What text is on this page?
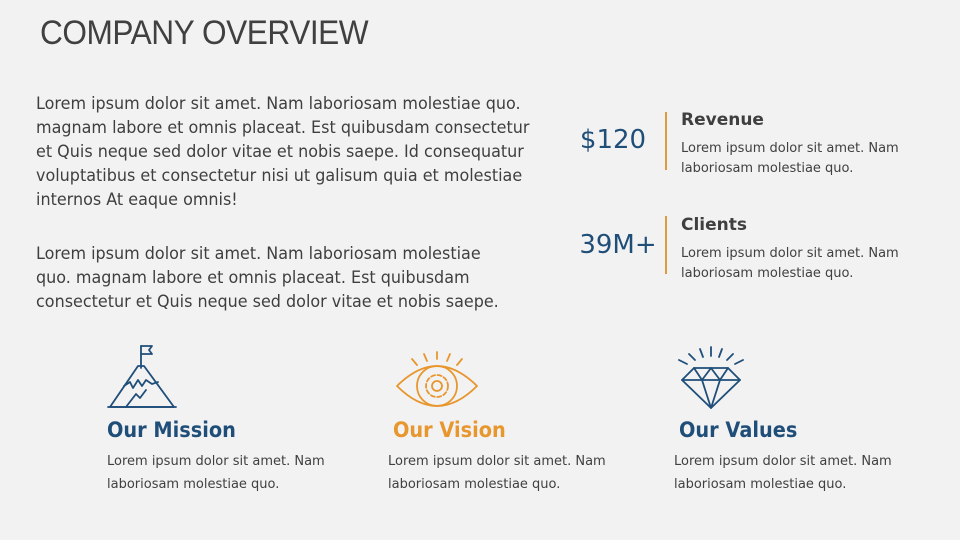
COMPANY OVERVIEW

Lorem ipsum dolor sit amet. Nam laboriosam molestiae quo. magnam labore et omnis placeat. Est quibusdam consectetur et Quis neque sed dolor vitae et nobis saepe. Id consequatur voluptatibus et consectetur nisi ut galisum quia et molestiae internos At eaque omnis!

Lorem ipsum dolor sit amet. Nam laboriosam molestiae quo. magnam labore et omnis placeat. Est quibusdam consectetur et Quis neque sed dolor vitae et nobis saepe.

$120
Revenue

Lorem ipsum dolor sit amet. Nam laboriosam molestiae quo.

39M+
Clients

Lorem ipsum dolor sit amet. Nam laboriosam molestiae quo.

Our Mission

Lorem ipsum dolor sit amet. Nam laboriosam molestiae quo.

Our Vision

Lorem ipsum dolor sit amet. Nam laboriosam molestiae quo.

Our Values

Lorem ipsum dolor sit amet. Nam laboriosam molestiae quo.
